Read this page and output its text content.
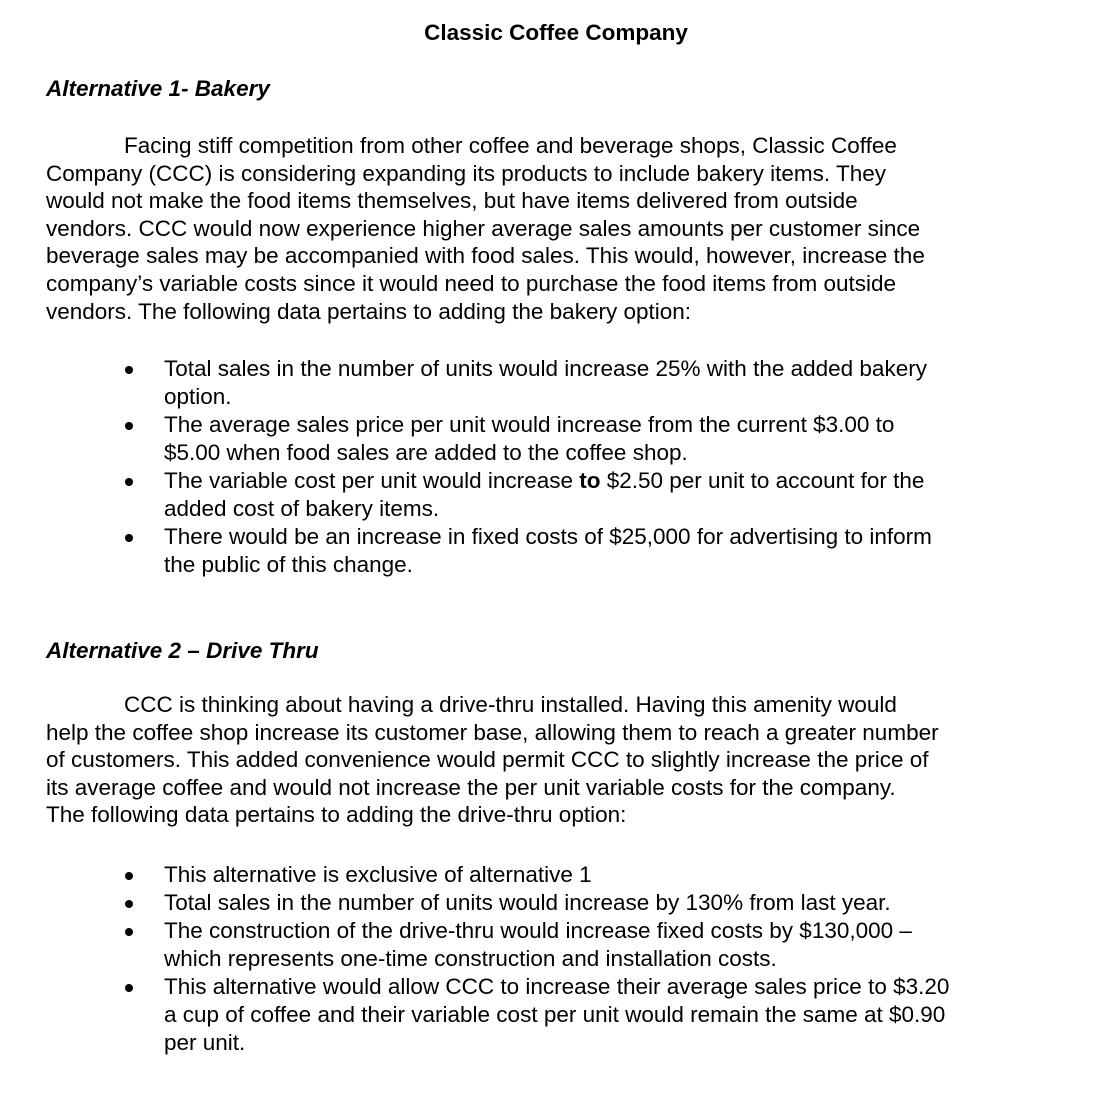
Classic Coffee Company
Alternative 1- Bakery
Facing stiff competition from other coffee and beverage shops, Classic Coffee
Company (CCC) is considering expanding its products to include bakery items. They
would not make the food items themselves, but have items delivered from outside
vendors. CCC would now experience higher average sales amounts per customer since
beverage sales may be accompanied with food sales. This would, however, increase the
company’s variable costs since it would need to purchase the food items from outside
vendors. The following data pertains to adding the bakery option:
Total sales in the number of units would increase 25% with the added bakery
option.
The average sales price per unit would increase from the current $3.00 to
$5.00 when food sales are added to the coffee shop.
The variable cost per unit would increase to $2.50 per unit to account for the
added cost of bakery items.
There would be an increase in fixed costs of $25,000 for advertising to inform
the public of this change.
Alternative 2 – Drive Thru
CCC is thinking about having a drive-thru installed. Having this amenity would
help the coffee shop increase its customer base, allowing them to reach a greater number
of customers. This added convenience would permit CCC to slightly increase the price of
its average coffee and would not increase the per unit variable costs for the company.
The following data pertains to adding the drive-thru option:
This alternative is exclusive of alternative 1
Total sales in the number of units would increase by 130% from last year.
The construction of the drive-thru would increase fixed costs by $130,000 –
which represents one-time construction and installation costs.
This alternative would allow CCC to increase their average sales price to $3.20
a cup of coffee and their variable cost per unit would remain the same at $0.90
per unit.
